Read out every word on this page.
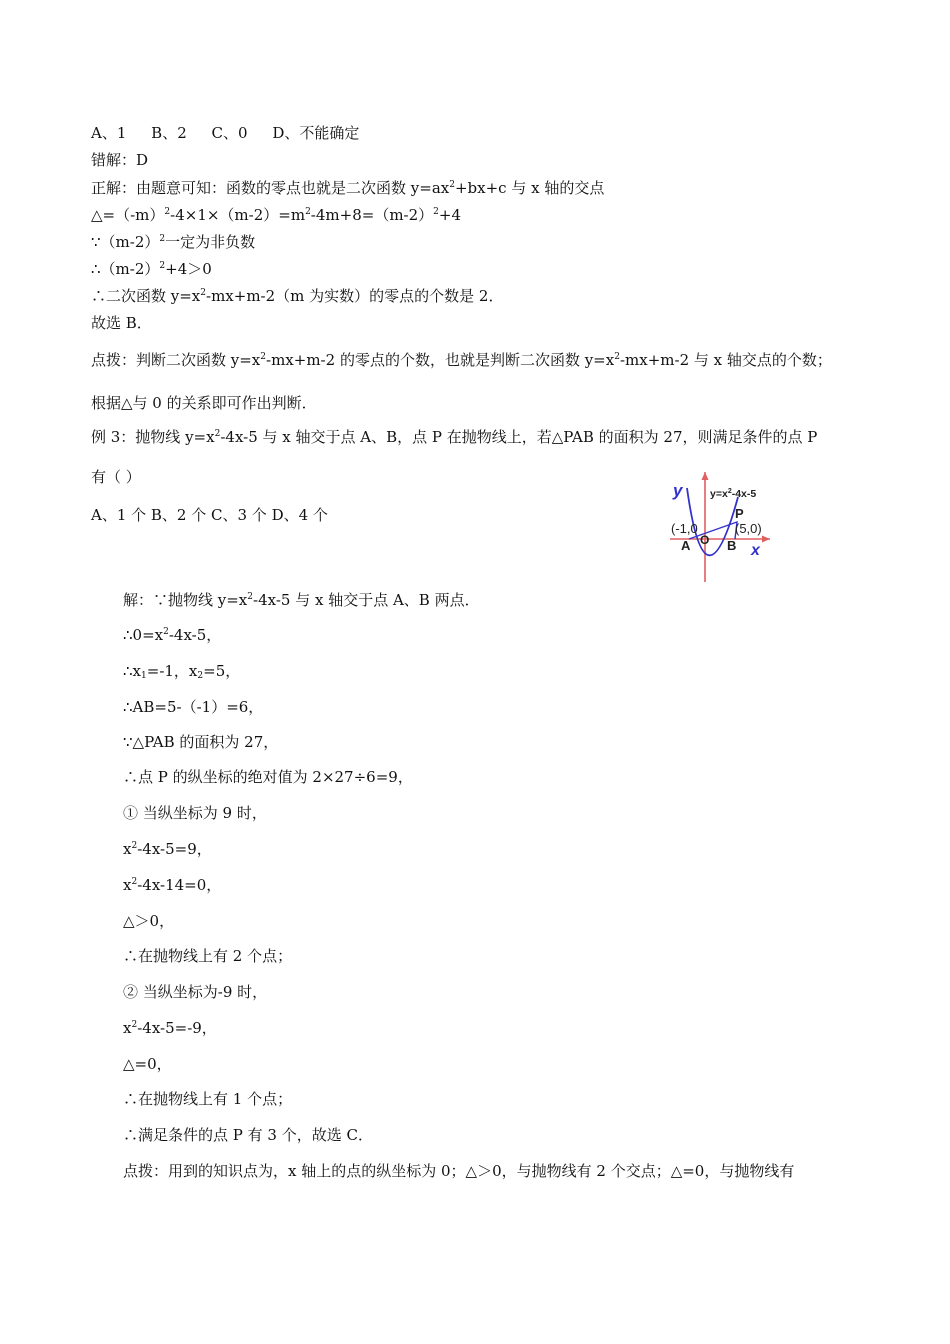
A、1 B、2 C、0 D、不能确定
错解：D
正解：由题意可知：函数的零点也就是二次函数 $y=ax^2+bx+c$ 与 x 轴的交点
$\triangle=(-m)^2-4\times 1\times(m-2)=m^2-4m+8=(m-2)^2+4$
$\because(m-2)^2$一定为非负数
$\therefore(m-2)^2+4>0$
∴二次函数 $y=x^2-mx+m-2(m$ 为实数）的零点的个数是 2．
故选 B．
点拨：判断二次函数 $y=x^2-mx+m-2$ 的零点的个数，也就是判断二次函数 $y=x^2-mx+m-2$ 与 x 轴交点的个数；
根据△与 0 的关系即可作出判断．
例 3：抛物线 $y=x^2-4x-5$ 与 x 轴交于点 A、B，点 P 在抛物线上，若△PAB 的面积为 27，则满足条件的点 P
有（ ）
A、1 个 B、2 个 C、3 个 D、4 个
y
x
$y=x^2-4x-5$
(-1,0	(5,0)
A O B
P
解：∵抛物线 $y=x^2-4x-5$ 与 x 轴交于点 A、B 两点．
$\therefore 0=x^2-4x-5$，
$\therefore x_1=-1$，$x_2=5$，
∴AB=5-（-1）=6，
∵△PAB 的面积为 27，
∴点 P 的纵坐标的绝对值为 2×27÷6=9，
① 当纵坐标为 9 时，
$x^2-4x-5=9$，
$x^2-4x-14=0$，
△＞0，
∴在抛物线上有 2 个点；
② 当纵坐标为-9 时，
$x^2-4x-5=-9$，
△=0，
∴在抛物线上有 1 个点；
∴满足条件的点 P 有 3 个，故选 C．
点拨：用到的知识点为，x 轴上的点的纵坐标为 0；△＞0，与抛物线有 2 个交点；△=0，与抛物线有
